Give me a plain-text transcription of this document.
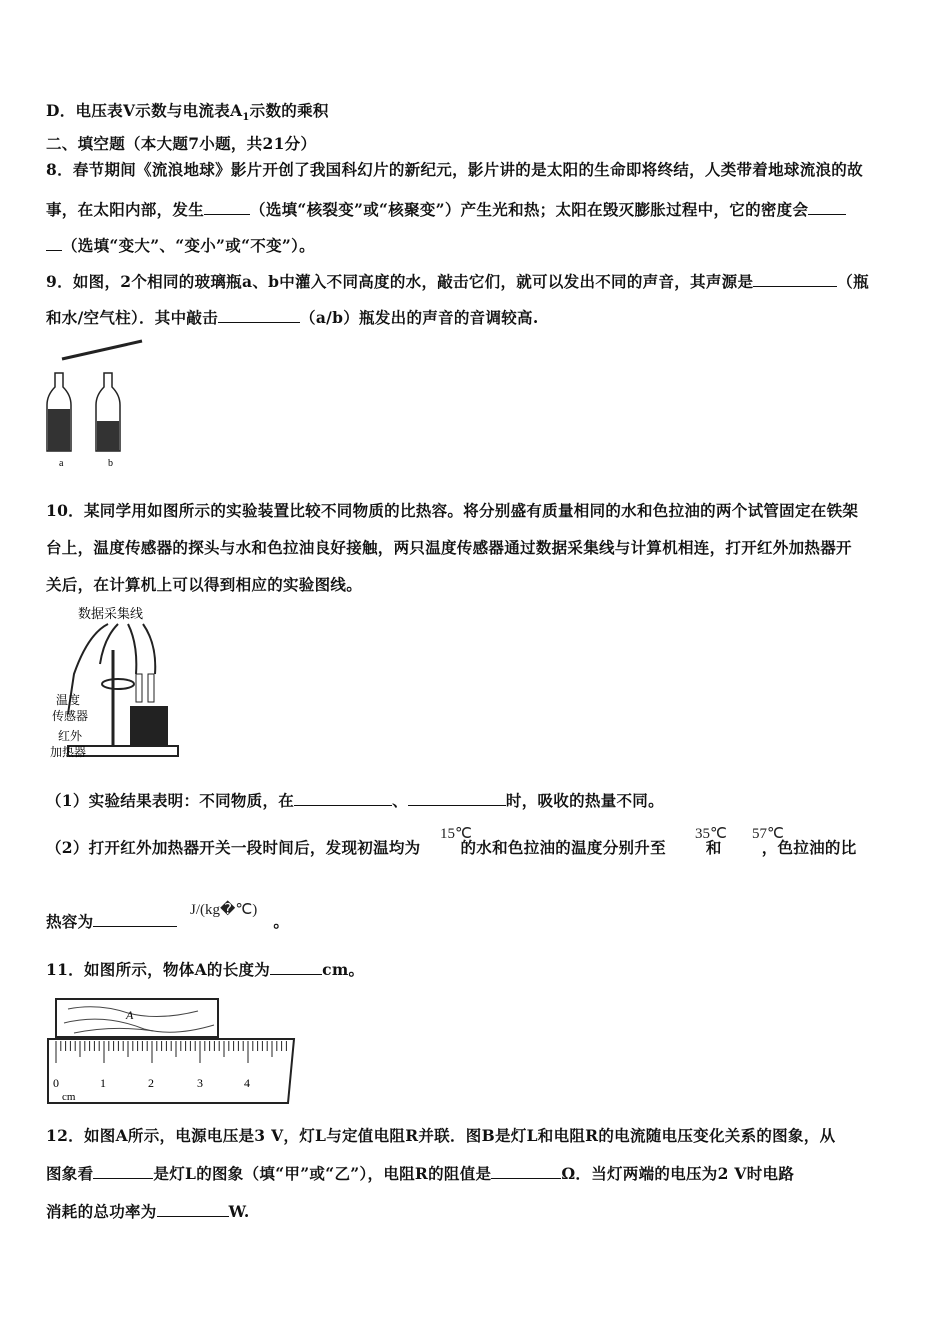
D．电压表V示数与电流表$A_1$示数的乘积
二、填空题（本大题7小题，共21分）
8．春节期间《流浪地球》影片开创了我国科幻片的新纪元，影片讲的是太阳的生命即将终结，人类带着地球流浪的故
事，在太阳内部，发生	（选填“核裂变”或“核聚变”）产生光和热；太阳在毁灭膨胀过程中，它的密度会
（选填“变大”、“变小”或“不变”）。
9．如图，2个相同的玻璃瓶a、b中灌入不同高度的水，敲击它们，就可以发出不同的声音，其声源是	（瓶
和水/空气柱）．其中敲击	（a/b）瓶发出的声音的音调较高.
a	b
10．某同学用如图所示的实验装置比较不同物质的比热容。将分别盛有质量相同的水和色拉油的两个试管固定在铁架
台上，温度传感器的探头与水和色拉油良好接触，两只温度传感器通过数据采集线与计算机相连，打开红外加热器开
关后，在计算机上可以得到相应的实验图线。
数据采集线
温度
传感器
红外
加热器
（1）实验结果表明：不同物质，在	、	时，吸收的热量不同。
（2）打开红外加热器开关一段时间后，发现初温均为	的水和色拉油的温度分别升至	和	，色拉油的比
15℃	35℃ 57℃
热容为	。
J/(kg�℃)
11．如图所示，物体A的长度为	cm。
A
0	1	2	3	4
cm
12．如图A所示，电源电压是3 V，灯L与定值电阻R并联．图B是灯L和电阻R的电流随电压变化关系的图象，从
图象看	是灯L的图象（填“甲”或“乙”），电阻R的阻值是	Ω．当灯两端的电压为2 V时电路
消耗的总功率为	W.
